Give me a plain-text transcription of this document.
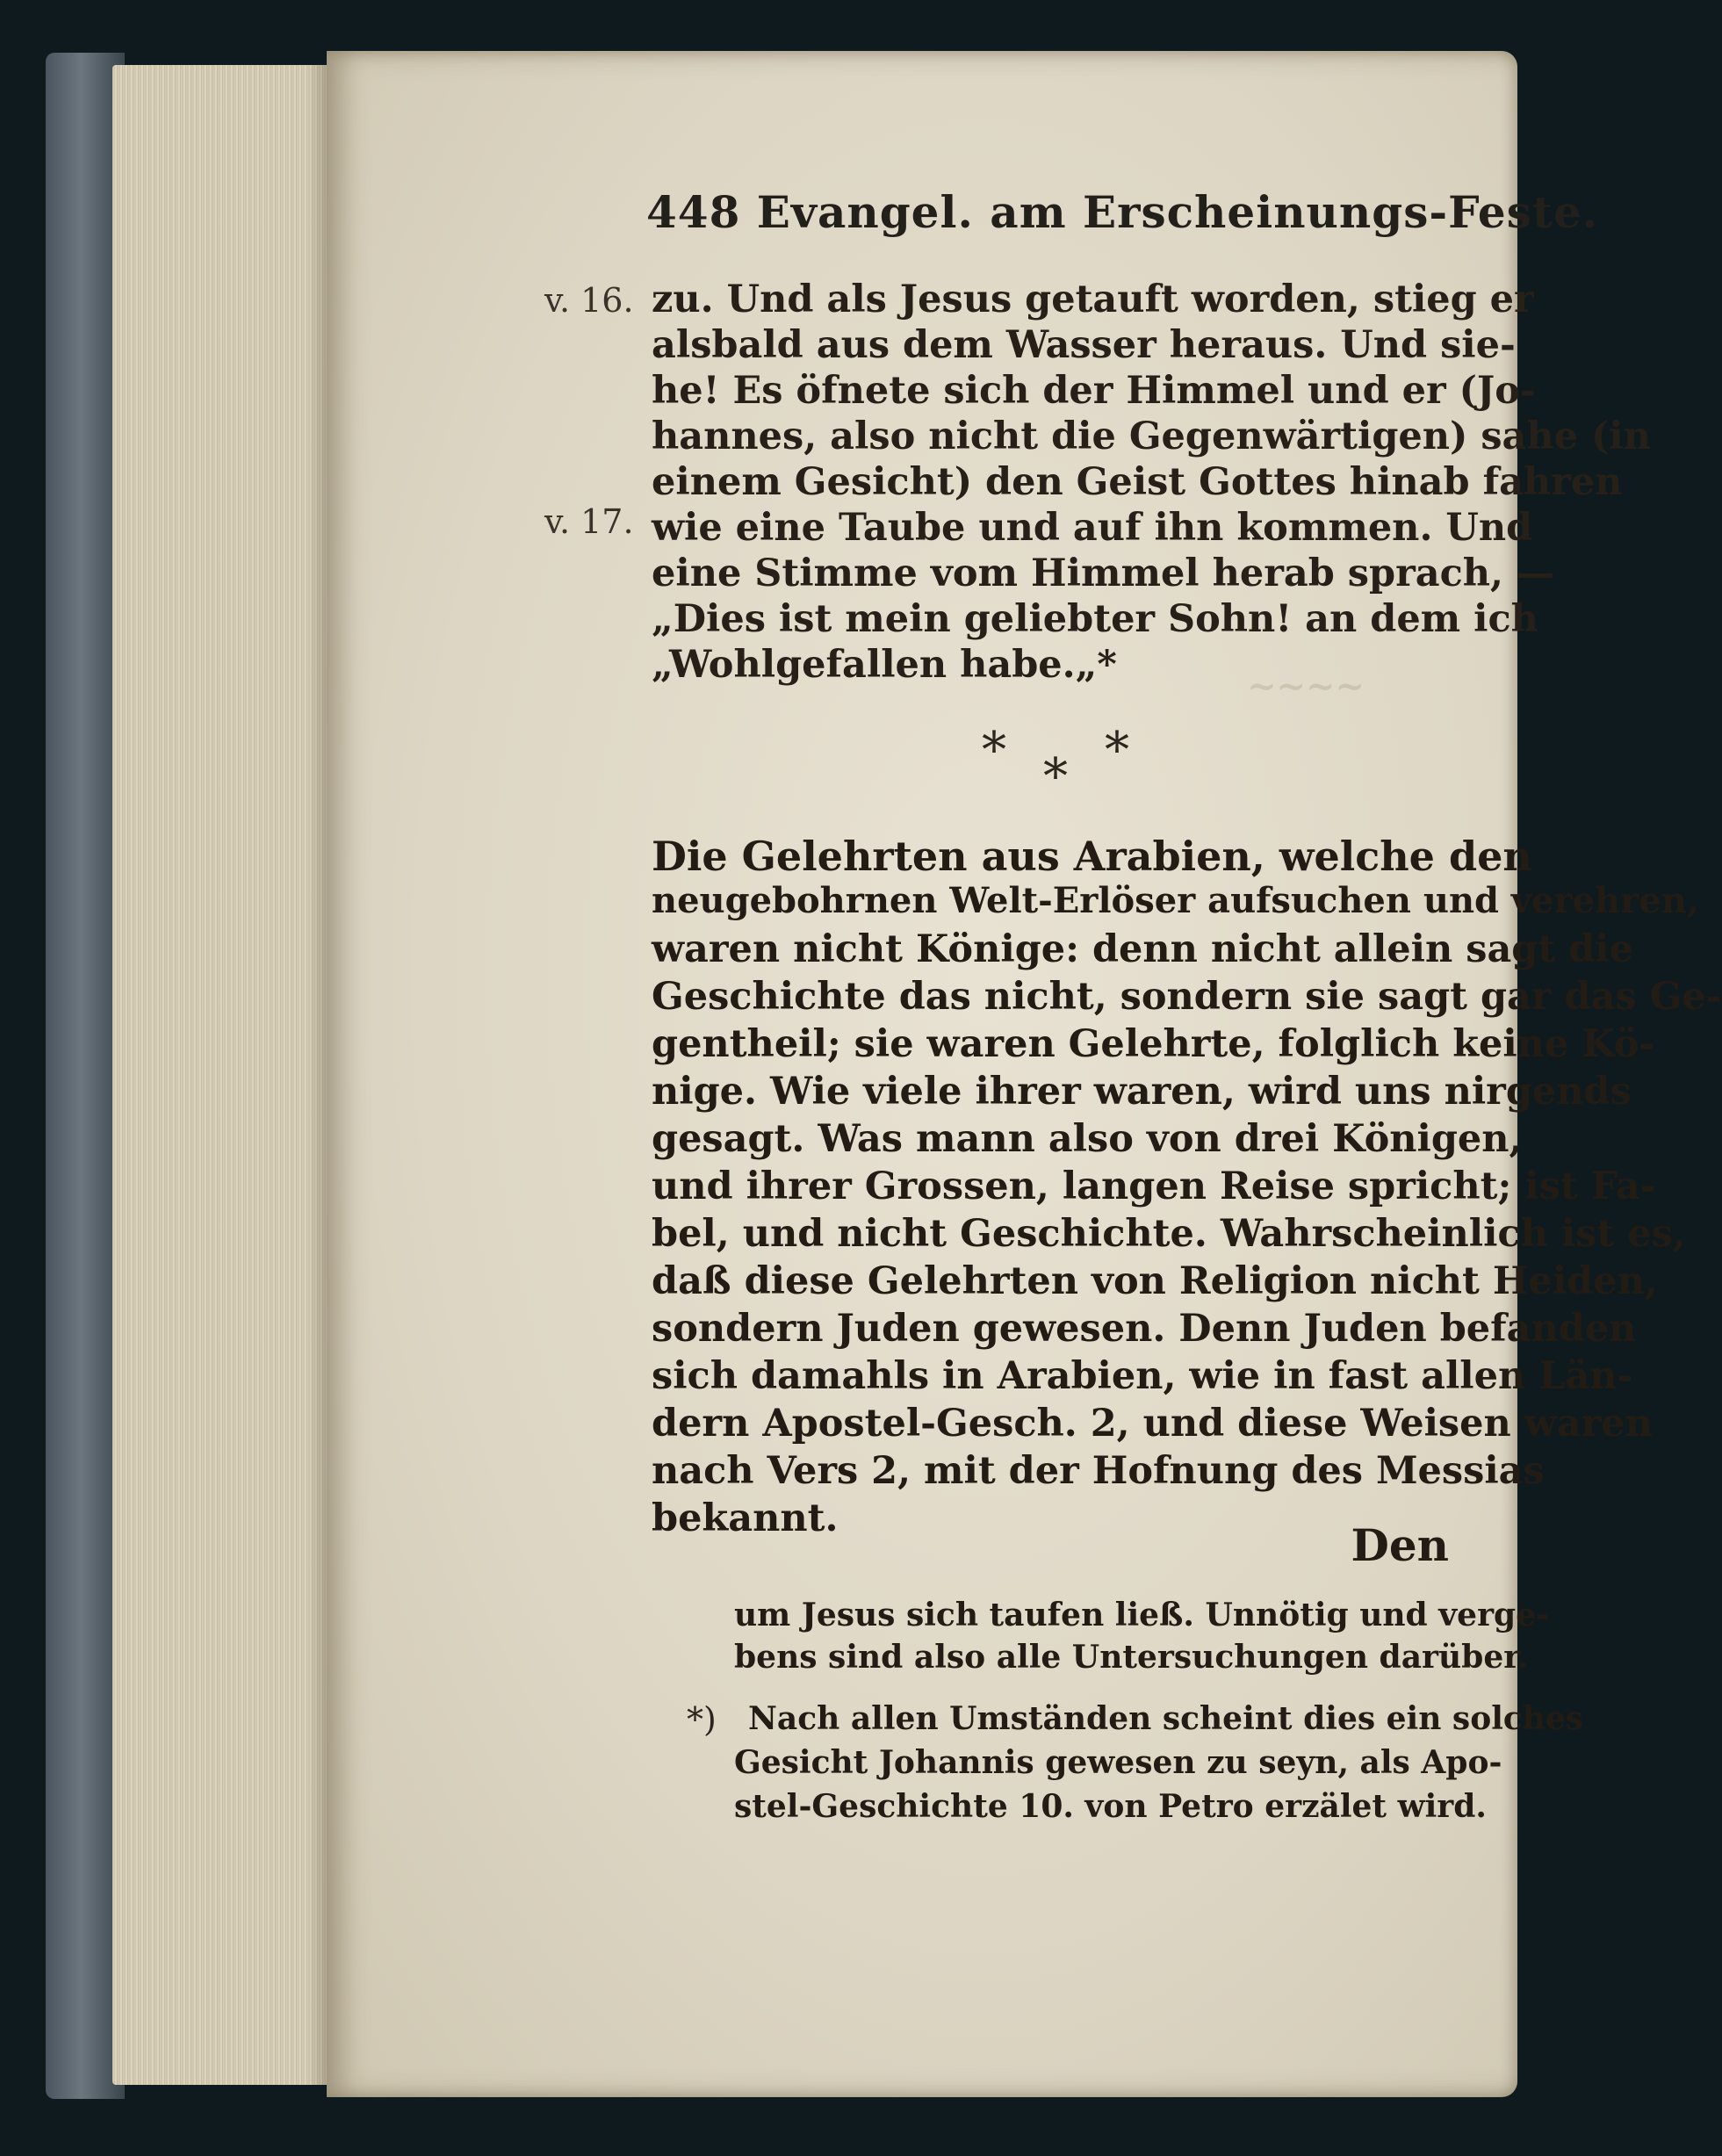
448 Evangel. am Erscheinungs-Feste.
v. 16.
v. 17.
zu. Und als Jesus getauft worden, stieg er
alsbald aus dem Wasser heraus. Und sie-
he! Es öfnete sich der Himmel und er (Jo-
hannes, also nicht die Gegenwärtigen) sahe (in
einem Gesicht) den Geist Gottes hinab fahren
wie eine Taube und auf ihn kommen. Und
eine Stimme vom Himmel herab sprach, —
„Dies ist mein geliebter Sohn! an dem ich
„Wohlgefallen habe.„*	~~~~
* *
*
Die Gelehrten aus Arabien, welche den
neugebohrnen Welt-Erlöser aufsuchen und verehren,
waren nicht Könige: denn nicht allein sagt die
Geschichte das nicht, sondern sie sagt gar das Ge-
gentheil; sie waren Gelehrte, folglich keine Kö-
nige. Wie viele ihrer waren, wird uns nirgends
gesagt. Was mann also von drei Königen,
und ihrer Grossen, langen Reise spricht; ist Fa-
bel, und nicht Geschichte. Wahrscheinlich ist es,
daß diese Gelehrten von Religion nicht Heiden,
sondern Juden gewesen. Denn Juden befanden
sich damahls in Arabien, wie in fast allen Län-
dern Apostel-Gesch. 2, und diese Weisen waren
nach Vers 2, mit der Hofnung des Messias
bekannt.
Den
um Jesus sich taufen ließ. Unnötig und verge-
bens sind also alle Untersuchungen darüber.
*) Nach allen Umständen scheint dies ein solches
Gesicht Johannis gewesen zu seyn, als Apo-
stel-Geschichte 10. von Petro erzälet wird.
